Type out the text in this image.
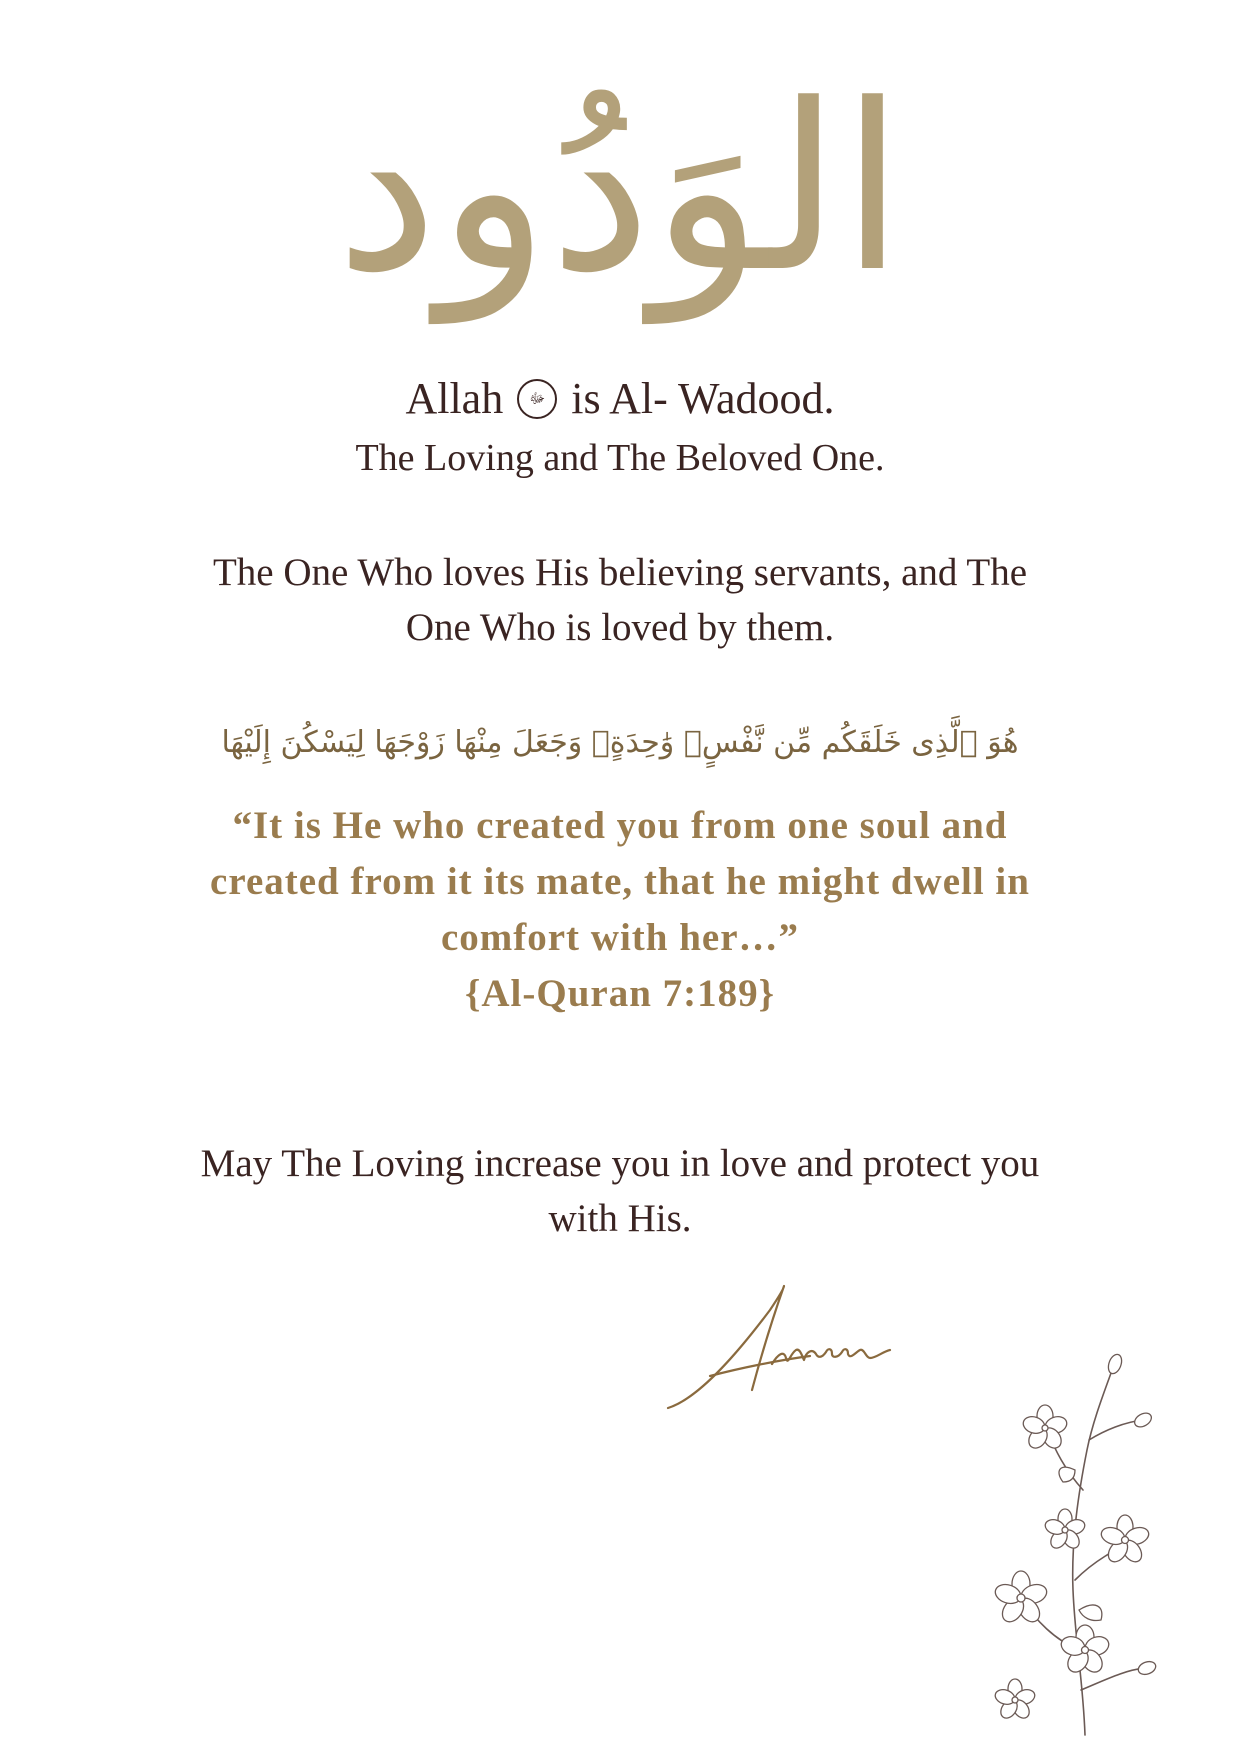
الوَدُود
Allah	ﷻ is Al- Wadood.
The Loving and The Beloved One.
The One Who loves His believing servants, and The One Who is loved by them.
هُوَ ٱلَّذِى خَلَقَكُم مِّن نَّفْسٍۢ وَٰحِدَةٍۢ وَجَعَلَ مِنْهَا زَوْجَهَا لِيَسْكُنَ إِلَيْهَا
“It is He who created you from one soul and created from it its mate, that he might dwell in comfort with her…”
{Al-Quran 7:189}
May The Loving increase you in love and protect you with His.
